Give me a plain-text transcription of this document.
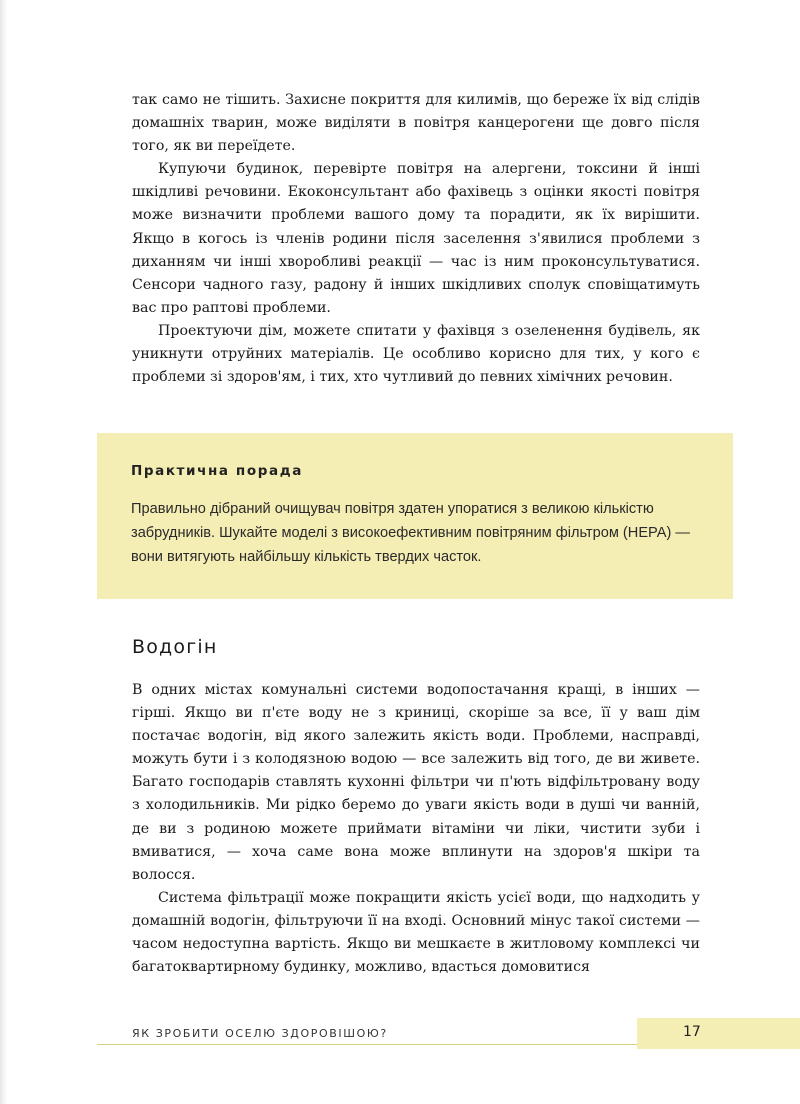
так само не тішить. Захисне покриття для килимів, що береже їх від слідів домашніх тварин, може виділяти в повітря канцерогени ще довго після того, як ви переїдете.

Купуючи будинок, перевірте повітря на алергени, токсини й інші шкідливі речовини. Екоконсультант або фахівець з оцінки якості повітря може визначити проблеми вашого дому та порадити, як їх вирішити. Якщо в когось із членів родини після заселення з'явилися проблеми з диханням чи інші хворобливі реакції — час із ним проконсультуватися. Сенсори чадного газу, радону й інших шкідливих сполук сповіщатимуть вас про раптові проблеми.

Проектуючи дім, можете спитати у фахівця з озеленення будівель, як уникнути отруйних матеріалів. Це особливо корисно для тих, у кого є проблеми зі здоров'ям, і тих, хто чутливий до певних хімічних речовин.

Практична порада
Правильно дібраний очищувач повітря здатен упоратися з великою кількістю забрудників. Шукайте моделі з високоефективним повітряним фільтром (HEPA) — вони витягують найбільшу кількість твердих часток.
Водогін

В одних містах комунальні системи водопостачання кращі, в інших — гірші. Якщо ви п'єте воду не з криниці, скоріше за все, її у ваш дім постачає водогін, від якого залежить якість води. Проблеми, насправді, можуть бути і з колодязною водою — все залежить від того, де ви живете. Багато господарів ставлять кухонні фільтри чи п'ють відфільтровану воду з холодильників. Ми рідко беремо до уваги якість води в душі чи ванній, де ви з родиною можете приймати вітаміни чи ліки, чистити зуби і вмиватися, — хоча саме вона може вплинути на здоров'я шкіри та волосся.

Система фільтрації може покращити якість усієї води, що надходить у домашній водогін, фільтруючи її на вході. Основний мінус такої системи — часом недоступна вартість. Якщо ви мешкаєте в житловому комплексі чи багатоквартирному будинку, можливо, вдасться домовитися

ЯК ЗРОБИТИ ОСЕЛЮ ЗДОРОВІШОЮ?	17
